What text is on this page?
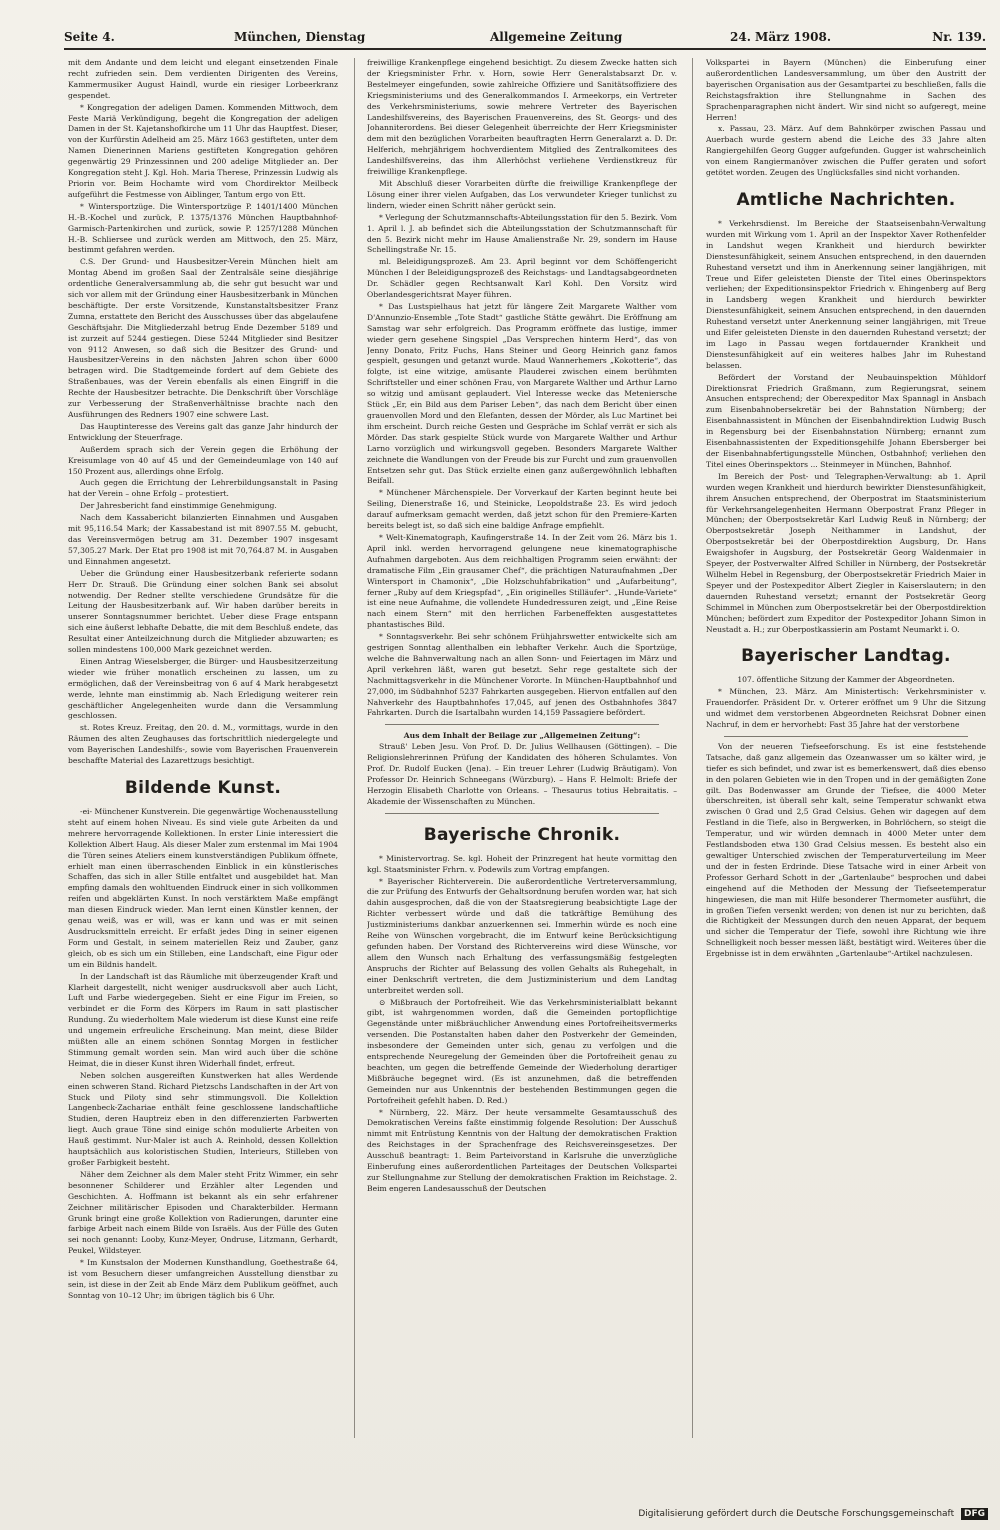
Seite 4.	München, Dienstag	Allgemeine Zeitung	24. März 1908.	Nr. 139.

mit dem Andante und dem leicht und elegant einsetzenden Finale recht zufrieden sein. Dem verdienten Dirigenten des Vereins, Kammermusiker August Haindl, wurde ein riesiger Lorbeerkranz gespendet.

* Kongregation der adeligen Damen. Kommenden Mittwoch, dem Feste Mariä Verkündigung, begeht die Kongregation der adeligen Damen in der St. Kajetanshofkirche um 11 Uhr das Hauptfest. Dieser, von der Kurfürstin Adelheid am 25. März 1663 gestifteten, unter dem Namen Dienerinnen Mariens gestifteten Kongregation gehören gegenwärtig 29 Prinzessinnen und 200 adelige Mitglieder an. Der Kongregation steht J. Kgl. Hoh. Maria Therese, Prinzessin Ludwig als Priorin vor. Beim Hochamte wird vom Chordirektor Meilbeck aufgeführt die Festmesse von Aiblinger, Tantum ergo von Ett.

* Wintersportzüge. Die Wintersportzüge P. 1401/1400 München H.-B.-Kochel und zurück, P. 1375/1376 München Hauptbahnhof-Garmisch-Partenkirchen und zurück, sowie P. 1257/1288 München H.-B. Schliersee und zurück werden am Mittwoch, den 25. März, bestimmt gefahren werden.

C.S. Der Grund- und Hausbesitzer-Verein München hielt am Montag Abend im großen Saal der Zentralsäle seine diesjährige ordentliche Generalversammlung ab, die sehr gut besucht war und sich vor allem mit der Gründung einer Hausbesitzerbank in München beschäftigte. Der erste Vorsitzende, Kunstanstaltsbesitzer Franz Zumna, erstattete den Bericht des Ausschusses über das abgelaufene Geschäftsjahr. Die Mitgliederzahl betrug Ende Dezember 5189 und ist zurzeit auf 5244 gestiegen. Diese 5244 Mitglieder sind Besitzer von 9112 Anwesen, so daß sich die Besitzer des Grund- und Hausbesitzer-Vereins in den nächsten Jahren schon über 6000 betragen wird. Die Stadtgemeinde fordert auf dem Gebiete des Straßenbaues, was der Verein ebenfalls als einen Eingriff in die Rechte der Hausbesitzer betrachte. Die Denkschrift über Vorschläge zur Verbesserung der Straßenverhältnisse brachte nach den Ausführungen des Redners 1907 eine schwere Last.

Das Hauptinteresse des Vereins galt das ganze Jahr hindurch der Entwicklung der Steuerfrage.

Außerdem sprach sich der Verein gegen die Erhöhung der Kreisumlage von 40 auf 45 und der Gemeindeumlage von 140 auf 150 Prozent aus, allerdings ohne Erfolg.

Auch gegen die Errichtung der Lehrerbildungsanstalt in Pasing hat der Verein – ohne Erfolg – protestiert.

Der Jahresbericht fand einstimmige Genehmigung.

Nach dem Kassabericht bilanzierten Einnahmen und Ausgaben mit 95,116.54 Mark; der Kassabestand ist mit 8907.55 M. gebucht, das Vereinsvermögen betrug am 31. Dezember 1907 insgesamt 57,305.27 Mark. Der Etat pro 1908 ist mit 70,764.87 M. in Ausgaben und Einnahmen angesetzt.

Ueber die Gründung einer Hausbesitzerbank referierte sodann Herr Dr. Strauß. Die Gründung einer solchen Bank sei absolut notwendig. Der Redner stellte verschiedene Grundsätze für die Leitung der Hausbesitzerbank auf. Wir haben darüber bereits in unserer Sonntagsnummer berichtet. Ueber diese Frage entspann sich eine äußerst lebhafte Debatte, die mit dem Beschluß endete, das Resultat einer Anteilzeichnung durch die Mitglieder abzuwarten; es sollen mindestens 100,000 Mark gezeichnet werden.

Einen Antrag Wieselsberger, die Bürger- und Hausbesitzerzeitung wieder wie früher monatlich erscheinen zu lassen, um zu ermöglichen, daß der Vereinsbeitrag von 6 auf 4 Mark herabgesetzt werde, lehnte man einstimmig ab. Nach Erledigung weiterer rein geschäftlicher Angelegenheiten wurde dann die Versammlung geschlossen.

st. Rotes Kreuz. Freitag, den 20. d. M., vormittags, wurde in den Räumen des alten Zeughauses das fortschrittlich niedergelegte und vom Bayerischen Landeshilfs-, sowie vom Bayerischen Frauenverein beschaffte Material des Lazarettzugs besichtigt.

Bildende Kunst.

-ei- Münchener Kunstverein. Die gegenwärtige Wochenausstellung steht auf einem hohen Niveau. Es sind viele gute Arbeiten da und mehrere hervorragende Kollektionen. In erster Linie interessiert die Kollektion Albert Haug. Als dieser Maler zum erstenmal im Mai 1904 die Türen seines Ateliers einem kunstverständigen Publikum öffnete, erhielt man einen überraschenden Einblick in ein künstlerisches Schaffen, das sich in aller Stille entfaltet und ausgebildet hat. Man empfing damals den wohltuenden Eindruck einer in sich vollkommen reifen und abgeklärten Kunst. In noch verstärktem Maße empfängt man diesen Eindruck wieder. Man lernt einen Künstler kennen, der genau weiß, was er will, was er kann und was er mit seinen Ausdrucksmitteln erreicht. Er erfaßt jedes Ding in seiner eigenen Form und Gestalt, in seinem materiellen Reiz und Zauber, ganz gleich, ob es sich um ein Stilleben, eine Landschaft, eine Figur oder um ein Bildnis handelt.

In der Landschaft ist das Räumliche mit überzeugender Kraft und Klarheit dargestellt, nicht weniger ausdrucksvoll aber auch Licht, Luft und Farbe wiedergegeben. Sieht er eine Figur im Freien, so verbindet er die Form des Körpers im Raum in satt plastischer Rundung. Zu wiederholtem Male wiederum ist diese Kunst eine reife und ungemein erfreuliche Erscheinung. Man meint, diese Bilder müßten alle an einem schönen Sonntag Morgen in festlicher Stimmung gemalt worden sein. Man wird auch über die schöne Heimat, die in dieser Kunst ihren Widerhall findet, erfreut.

Neben solchen ausgereiften Kunstwerken hat alles Werdende einen schweren Stand. Richard Pietzschs Landschaften in der Art von Stuck und Piloty sind sehr stimmungsvoll. Die Kollektion Langenbeck-Zachariae enthält feine geschlossene landschaftliche Studien, deren Hauptreiz eben in den differenzierten Farbwerten liegt. Auch graue Töne sind einige schön modulierte Arbeiten von Hauß gestimmt. Nur-Maler ist auch A. Reinhold, dessen Kollektion hauptsächlich aus koloristischen Studien, Interieurs, Stilleben von großer Farbigkeit besteht.

Näher dem Zeichner als dem Maler steht Fritz Wimmer, ein sehr besonnener Schilderer und Erzähler alter Legenden und Geschichten. A. Hoffmann ist bekannt als ein sehr erfahrener Zeichner militärischer Episoden und Charakterbilder. Hermann Grunk bringt eine große Kollektion von Radierungen, darunter eine farbige Arbeit nach einem Bilde von Israëls. Aus der Fülle des Guten sei noch genannt: Looby, Kunz-Meyer, Ondruse, Litzmann, Gerhardt, Peukel, Wildsteyer.

* Im Kunstsalon der Modernen Kunsthandlung, Goethestraße 64, ist vom Besuchern dieser umfangreichen Ausstellung dienstbar zu sein, ist diese in der Zeit ab Ende März dem Publikum geöffnet, auch Sonntag von 10–12 Uhr; im übrigen täglich bis 6 Uhr.

freiwillige Krankenpflege eingehend besichtigt. Zu diesem Zwecke hatten sich der Kriegsminister Frhr. v. Horn, sowie Herr Generalstabsarzt Dr. v. Bestelmeyer eingefunden, sowie zahlreiche Offiziere und Sanitätsoffiziere des Kriegsministeriums und des Generalkommandos I. Armeekorps, ein Vertreter des Verkehrsministeriums, sowie mehrere Vertreter des Bayerischen Landeshilfsvereins, des Bayerischen Frauenvereins, des St. Georgs- und des Johanniterordens. Bei dieser Gelegenheit überreichte der Herr Kriegsminister dem mit den bezüglichen Vorarbeiten beauftragten Herrn Generalarzt a. D. Dr. Helferich, mehrjährigem hochverdientem Mitglied des Zentralkomitees des Landeshilfsvereins, das ihm Allerhöchst verliehene Verdienstkreuz für freiwillige Krankenpflege.

Mit Abschluß dieser Vorarbeiten dürfte die freiwillige Krankenpflege der Lösung einer ihrer vielen Aufgaben, das Los verwundeter Krieger tunlichst zu lindern, wieder einen Schritt näher gerückt sein.

* Verlegung der Schutzmannschafts-Abteilungsstation für den 5. Bezirk. Vom 1. April l. J. ab befindet sich die Abteilungsstation der Schutzmannschaft für den 5. Bezirk nicht mehr im Hause Amalienstraße Nr. 29, sondern im Hause Schellingstraße Nr. 15.

ml. Beleidigungsprozeß. Am 23. April beginnt vor dem Schöffengericht München I der Beleidigungsprozeß des Reichstags- und Landtagsabgeordneten Dr. Schädler gegen Rechtsanwalt Karl Kohl. Den Vorsitz wird Oberlandesgerichtsrat Mayer führen.

* Das Lustspielhaus hat jetzt für längere Zeit Margarete Walther vom D'Annunzio-Ensemble „Tote Stadt“ gastliche Stätte gewährt. Die Eröffnung am Samstag war sehr erfolgreich. Das Programm eröffnete das lustige, immer wieder gern gesehene Singspiel „Das Versprechen hinterm Herd“, das von Jenny Donato, Fritz Fuchs, Hans Steiner und Georg Heinrich ganz famos gespielt, gesungen und getanzt wurde. Maud Wannerhemers „Kokotterie“, das folgte, ist eine witzige, amüsante Plauderei zwischen einem berühmten Schriftsteller und einer schönen Frau, von Margarete Walther und Arthur Larno so witzig und amüsant geplaudert. Viel Interesse wecke das Meteniersche Stück „Er, ein Bild aus dem Pariser Leben“, das nach dem Bericht über einen grauenvollen Mord und den Elefanten, dessen der Mörder, als Luc Martinet bei ihm erscheint. Durch reiche Gesten und Gespräche im Schlaf verrät er sich als Mörder. Das stark gespielte Stück wurde von Margarete Walther und Arthur Larno vorzüglich und wirkungsvoll gegeben. Besonders Margarete Walther zeichnete die Wandlungen von der Freude bis zur Furcht und zum grauenvollen Entsetzen sehr gut. Das Stück erzielte einen ganz außergewöhnlich lebhaften Beifall.

* Münchener Märchenspiele. Der Vorverkauf der Karten beginnt heute bei Seiling, Dienerstraße 16, und Steinicke, Leopoldstraße 23. Es wird jedoch darauf aufmerksam gemacht werden, daß jetzt schon für den Premiere-Karten bereits belegt ist, so daß sich eine baldige Anfrage empfiehlt.

* Welt-Kinematograph, Kaufingerstraße 14. In der Zeit vom 26. März bis 1. April inkl. werden hervorragend gelungene neue kinematographische Aufnahmen dargeboten. Aus dem reichhaltigen Programm seien erwähnt: der dramatische Film „Ein grausamer Chef“, die prächtigen Naturaufnahmen „Der Wintersport in Chamonix“, „Die Holzschuhfabrikation“ und „Aufarbeitung“, ferner „Ruby auf dem Kriegspfad“, „Ein originelles Stilläufer“. „Hunde-Variete“ ist eine neue Aufnahme, die vollendete Hundedressuren zeigt, und „Eine Reise nach einem Stern“ mit den herrlichen Farbeneffekten ausgestattetes phantastisches Bild.

* Sonntagsverkehr. Bei sehr schönem Frühjahrswetter entwickelte sich am gestrigen Sonntag allenthalben ein lebhafter Verkehr. Auch die Sportzüge, welche die Bahnverwaltung nach an allen Sonn- und Feiertagen im März und April verkehren läßt, waren gut besetzt. Sehr rege gestaltete sich der Nachmittagsverkehr in die Münchener Vororte. In München-Hauptbahnhof und 27,000, im Südbahnhof 5237 Fahrkarten ausgegeben. Hiervon entfallen auf den Nahverkehr des Hauptbahnhofes 17,045, auf jenen des Ostbahnhofes 3847 Fahrkarten. Durch die Isartalbahn wurden 14,159 Passagiere befördert.

Aus dem Inhalt der Beilage zur „Allgemeinen Zeitung“:

Strauß' Leben Jesu. Von Prof. D. Dr. Julius Wellhausen (Göttingen). – Die Religionslehrerinnen Prüfung der Kandidaten des höheren Schulamtes. Von Prof. Dr. Rudolf Eucken (Jena). – Ein treuer Lehrer (Ludwig Bräutigam). Von Professor Dr. Heinrich Schneegans (Würzburg). – Hans F. Helmolt: Briefe der Herzogin Elisabeth Charlotte von Orleans. – Thesaurus totius Hebraitatis. – Akademie der Wissenschaften zu München.

Bayerische Chronik.

* Ministervortrag. Se. kgl. Hoheit der Prinzregent hat heute vormittag den kgl. Staatsminister Frhrn. v. Podewils zum Vortrag empfangen.

* Bayerischer Richterverein. Die außerordentliche Vertreterversammlung, die zur Prüfung des Entwurfs der Gehaltsordnung berufen worden war, hat sich dahin ausgesprochen, daß die von der Staatsregierung beabsichtigte Lage der Richter verbessert würde und daß die tatkräftige Bemühung des Justizministeriums dankbar anzuerkennen sei. Immerhin würde es noch eine Reihe von Wünschen vorgebracht, die im Entwurf keine Berücksichtigung gefunden haben. Der Vorstand des Richtervereins wird diese Wünsche, vor allem den Wunsch nach Erhaltung des verfassungsmäßig festgelegten Anspruchs der Richter auf Belassung des vollen Gehalts als Ruhegehalt, in einer Denkschrift vertreten, die dem Justizministerium und dem Landtag unterbreitet werden soll.

⊙ Mißbrauch der Portofreiheit. Wie das Verkehrsministerialblatt bekannt gibt, ist wahrgenommen worden, daß die Gemeinden portopflichtige Gegenstände unter mißbräuchlicher Anwendung eines Portofreiheitsvermerks versenden. Die Postanstalten haben daher den Postverkehr der Gemeinden, insbesondere der Gemeinden unter sich, genau zu verfolgen und die entsprechende Neuregelung der Gemeinden über die Portofreiheit genau zu beachten, um gegen die betreffende Gemeinde der Wiederholung derartiger Mißbräuche begegnet wird. (Es ist anzunehmen, daß die betreffenden Gemeinden nur aus Unkenntnis der bestehenden Bestimmungen gegen die Portofreiheit gefehlt haben. D. Red.)

* Nürnberg, 22. März. Der heute versammelte Gesamtausschuß des Demokratischen Vereins faßte einstimmig folgende Resolution: Der Ausschuß nimmt mit Entrüstung Kenntnis von der Haltung der demokratischen Fraktion des Reichstages in der Sprachenfrage des Reichsvereinsgesetzes. Der Ausschuß beantragt: 1. Beim Parteivorstand in Karlsruhe die unverzügliche Einberufung eines außerordentlichen Parteitages der Deutschen Volkspartei zur Stellungnahme zur Stellung der demokratischen Fraktion im Reichstage. 2. Beim engeren Landesausschuß der Deutschen

Volkspartei in Bayern (München) die Einberufung einer außerordentlichen Landesversammlung, um über den Austritt der bayerischen Organisation aus der Gesamtpartei zu beschließen, falls die Reichstagsfraktion ihre Stellungnahme in Sachen des Sprachenparagraphen nicht ändert. Wir sind nicht so aufgeregt, meine Herren!

x. Passau, 23. März. Auf dem Bahnkörper zwischen Passau und Auerbach wurde gestern abend die Leiche des 33 Jahre alten Rangiergehilfen Georg Gugger aufgefunden. Gugger ist wahrscheinlich von einem Rangiermanöver zwischen die Puffer geraten und sofort getötet worden. Zeugen des Unglücksfalles sind nicht vorhanden.

Amtliche Nachrichten.

* Verkehrsdienst. Im Bereiche der Staatseisenbahn-Verwaltung wurden mit Wirkung vom 1. April an der Inspektor Xaver Rothenfelder in Landshut wegen Krankheit und hierdurch bewirkter Dienstesunfähigkeit, seinem Ansuchen entsprechend, in den dauernden Ruhestand versetzt und ihm in Anerkennung seiner langjährigen, mit Treue und Eifer geleisteten Dienste der Titel eines Oberinspektors verliehen; der Expeditionsinspektor Friedrich v. Ehingenberg auf Berg in Landsberg wegen Krankheit und hierdurch bewirkter Dienstesunfähigkeit, seinem Ansuchen entsprechend, in den dauernden Ruhestand versetzt unter Anerkennung seiner langjährigen, mit Treue und Eifer geleisteten Dienste in den dauernden Ruhestand versetzt; der im Lago in Passau wegen fortdauernder Krankheit und Dienstesunfähigkeit auf ein weiteres halbes Jahr im Ruhestand belassen.

Befördert der Vorstand der Neubauinspektion Mühldorf Direktionsrat Friedrich Graßmann, zum Regierungsrat, seinem Ansuchen entsprechend; der Oberexpeditor Max Spannagl in Ansbach zum Eisenbahnobersekretär bei der Bahnstation Nürnberg; der Eisenbahnassistent in München der Eisenbahndirektion Ludwig Busch in Regensburg bei der Eisenbahnstation Nürnberg; ernannt zum Eisenbahnassistenten der Expeditionsgehilfe Johann Ebersberger bei der Eisenbahnabfertigungsstelle München, Ostbahnhof; verliehen den Titel eines Oberinspektors ... Steinmeyer in München, Bahnhof.

Im Bereich der Post- und Telegraphen-Verwaltung: ab 1. April wurden wegen Krankheit und hierdurch bewirkter Dienstesunfähigkeit, ihrem Ansuchen entsprechend, der Oberpostrat im Staatsministerium für Verkehrsangelegenheiten Hermann Oberpostrat Franz Pfleger in München; der Oberpostsekretär Karl Ludwig Reuß in Nürnberg; der Oberpostsekretär Joseph Neithammer in Landshut, der Oberpostsekretär bei der Oberpostdirektion Augsburg, Dr. Hans Ewaigshofer in Augsburg, der Postsekretär Georg Waldenmaier in Speyer, der Postverwalter Alfred Schiller in Nürnberg, der Postsekretär Wilhelm Hebel in Regensburg, der Oberpostsekretär Friedrich Maier in Speyer und der Postexpeditor Albert Ziegler in Kaiserslautern; in den dauernden Ruhestand versetzt; ernannt der Postsekretär Georg Schimmel in München zum Oberpostsekretär bei der Oberpostdirektion München; befördert zum Expeditor der Postexpeditor Johann Simon in Neustadt a. H.; zur Oberpostkassierin am Postamt Neumarkt i. O.

Bayerischer Landtag.

107. öffentliche Sitzung der Kammer der Abgeordneten.

* München, 23. März. Am Ministertisch: Verkehrsminister v. Frauendorfer. Präsident Dr. v. Orterer eröffnet um 9 Uhr die Sitzung und widmet dem verstorbenen Abgeordneten Reichsrat Dobner einen Nachruf, in dem er hervorhebt: Fast 35 Jahre hat der verstorbene

Von der neueren Tiefseeforschung. Es ist eine feststehende Tatsache, daß ganz allgemein das Ozeanwasser um so kälter wird, je tiefer es sich befindet, und zwar ist es bemerkenswert, daß dies ebenso in den polaren Gebieten wie in den Tropen und in der gemäßigten Zone gilt. Das Bodenwasser am Grunde der Tiefsee, die 4000 Meter überschreiten, ist überall sehr kalt, seine Temperatur schwankt etwa zwischen 0 Grad und 2,5 Grad Celsius. Gehen wir dagegen auf dem Festland in die Tiefe, also in Bergwerken, in Bohrlöchern, so steigt die Temperatur, und wir würden demnach in 4000 Meter unter dem Festlandsboden etwa 130 Grad Celsius messen. Es besteht also ein gewaltiger Unterschied zwischen der Temperaturverteilung im Meer und der in festen Erdrinde. Diese Tatsache wird in einer Arbeit von Professor Gerhard Schott in der „Gartenlaube“ besprochen und dabei eingehend auf die Methoden der Messung der Tiefseetemperatur hingewiesen, die man mit Hilfe besonderer Thermometer ausführt, die in großen Tiefen versenkt werden; von denen ist nur zu berichten, daß die Richtigkeit der Messungen durch den neuen Apparat, der bequem und sicher die Temperatur der Tiefe, sowohl ihre Richtung wie ihre Schnelligkeit noch besser messen läßt, bestätigt wird. Weiteres über die Ergebnisse ist in dem erwähnten „Gartenlaube“-Artikel nachzulesen.

Digitalisierung gefördert durch die Deutsche Forschungsgemeinschaft DFG
